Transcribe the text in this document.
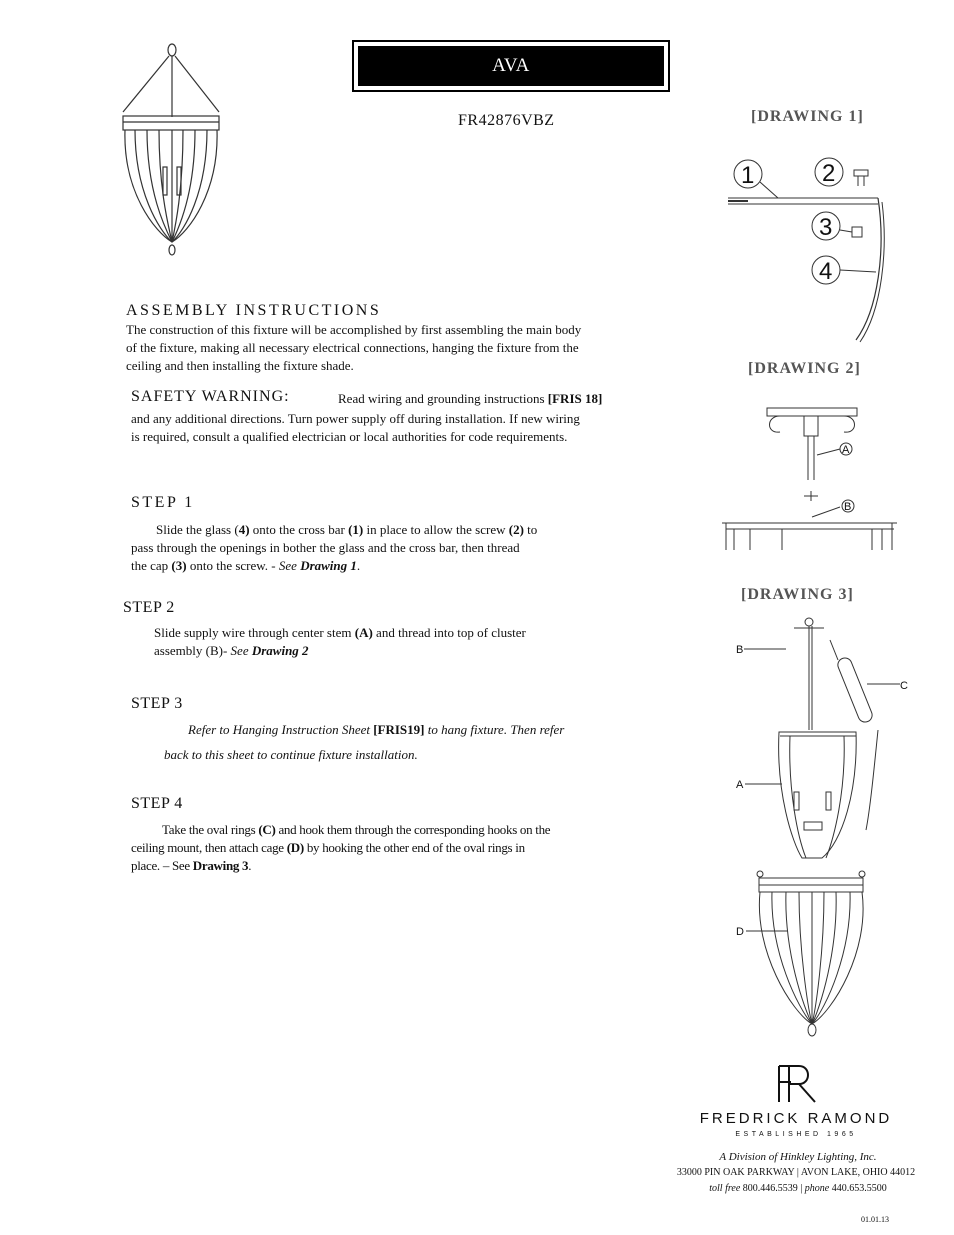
AVA
FR42876VBZ	[DRAWING 1]
1	2
3
4
[DRAWING 2]
A
B
[DRAWING 3]
B
C
A
D
ASSEMBLY INSTRUCTIONS
The construction of this fixture will be accomplished by first assembling the main body
of the fixture, making all necessary electrical connections, hanging the fixture from the
ceiling and then installing the fixture shade.
SAFETY WARNING:	Read wiring and grounding instructions [FRIS 18]
and any additional directions. Turn power supply off during installation. If new wiring
is required, consult a qualified electrician or local authorities for code requirements.
STEP 1
Slide the glass (4) onto the cross bar (1) in place to allow the screw (2) to
pass through the openings in bother the glass and the cross bar, then thread
the cap (3) onto the screw. - See Drawing 1.
STEP 2
Slide supply wire through center stem (A) and thread into top of cluster
assembly (B)- See Drawing 2
STEP 3
Refer to Hanging Instruction Sheet [FRIS19] to hang fixture. Then refer
back to this sheet to continue fixture installation.
STEP 4
Take the oval rings (C) and hook them through the corresponding hooks on the
ceiling mount, then attach cage (D) by hooking the other end of the oval rings in
place. – See Drawing 3.
FREDRICK RAMOND
ESTABLISHED 1965
A Division of Hinkley Lighting, Inc.
33000 PIN OAK PARKWAY | AVON LAKE, OHIO 44012
toll free 800.446.5539 | phone 440.653.5500
01.01.13
